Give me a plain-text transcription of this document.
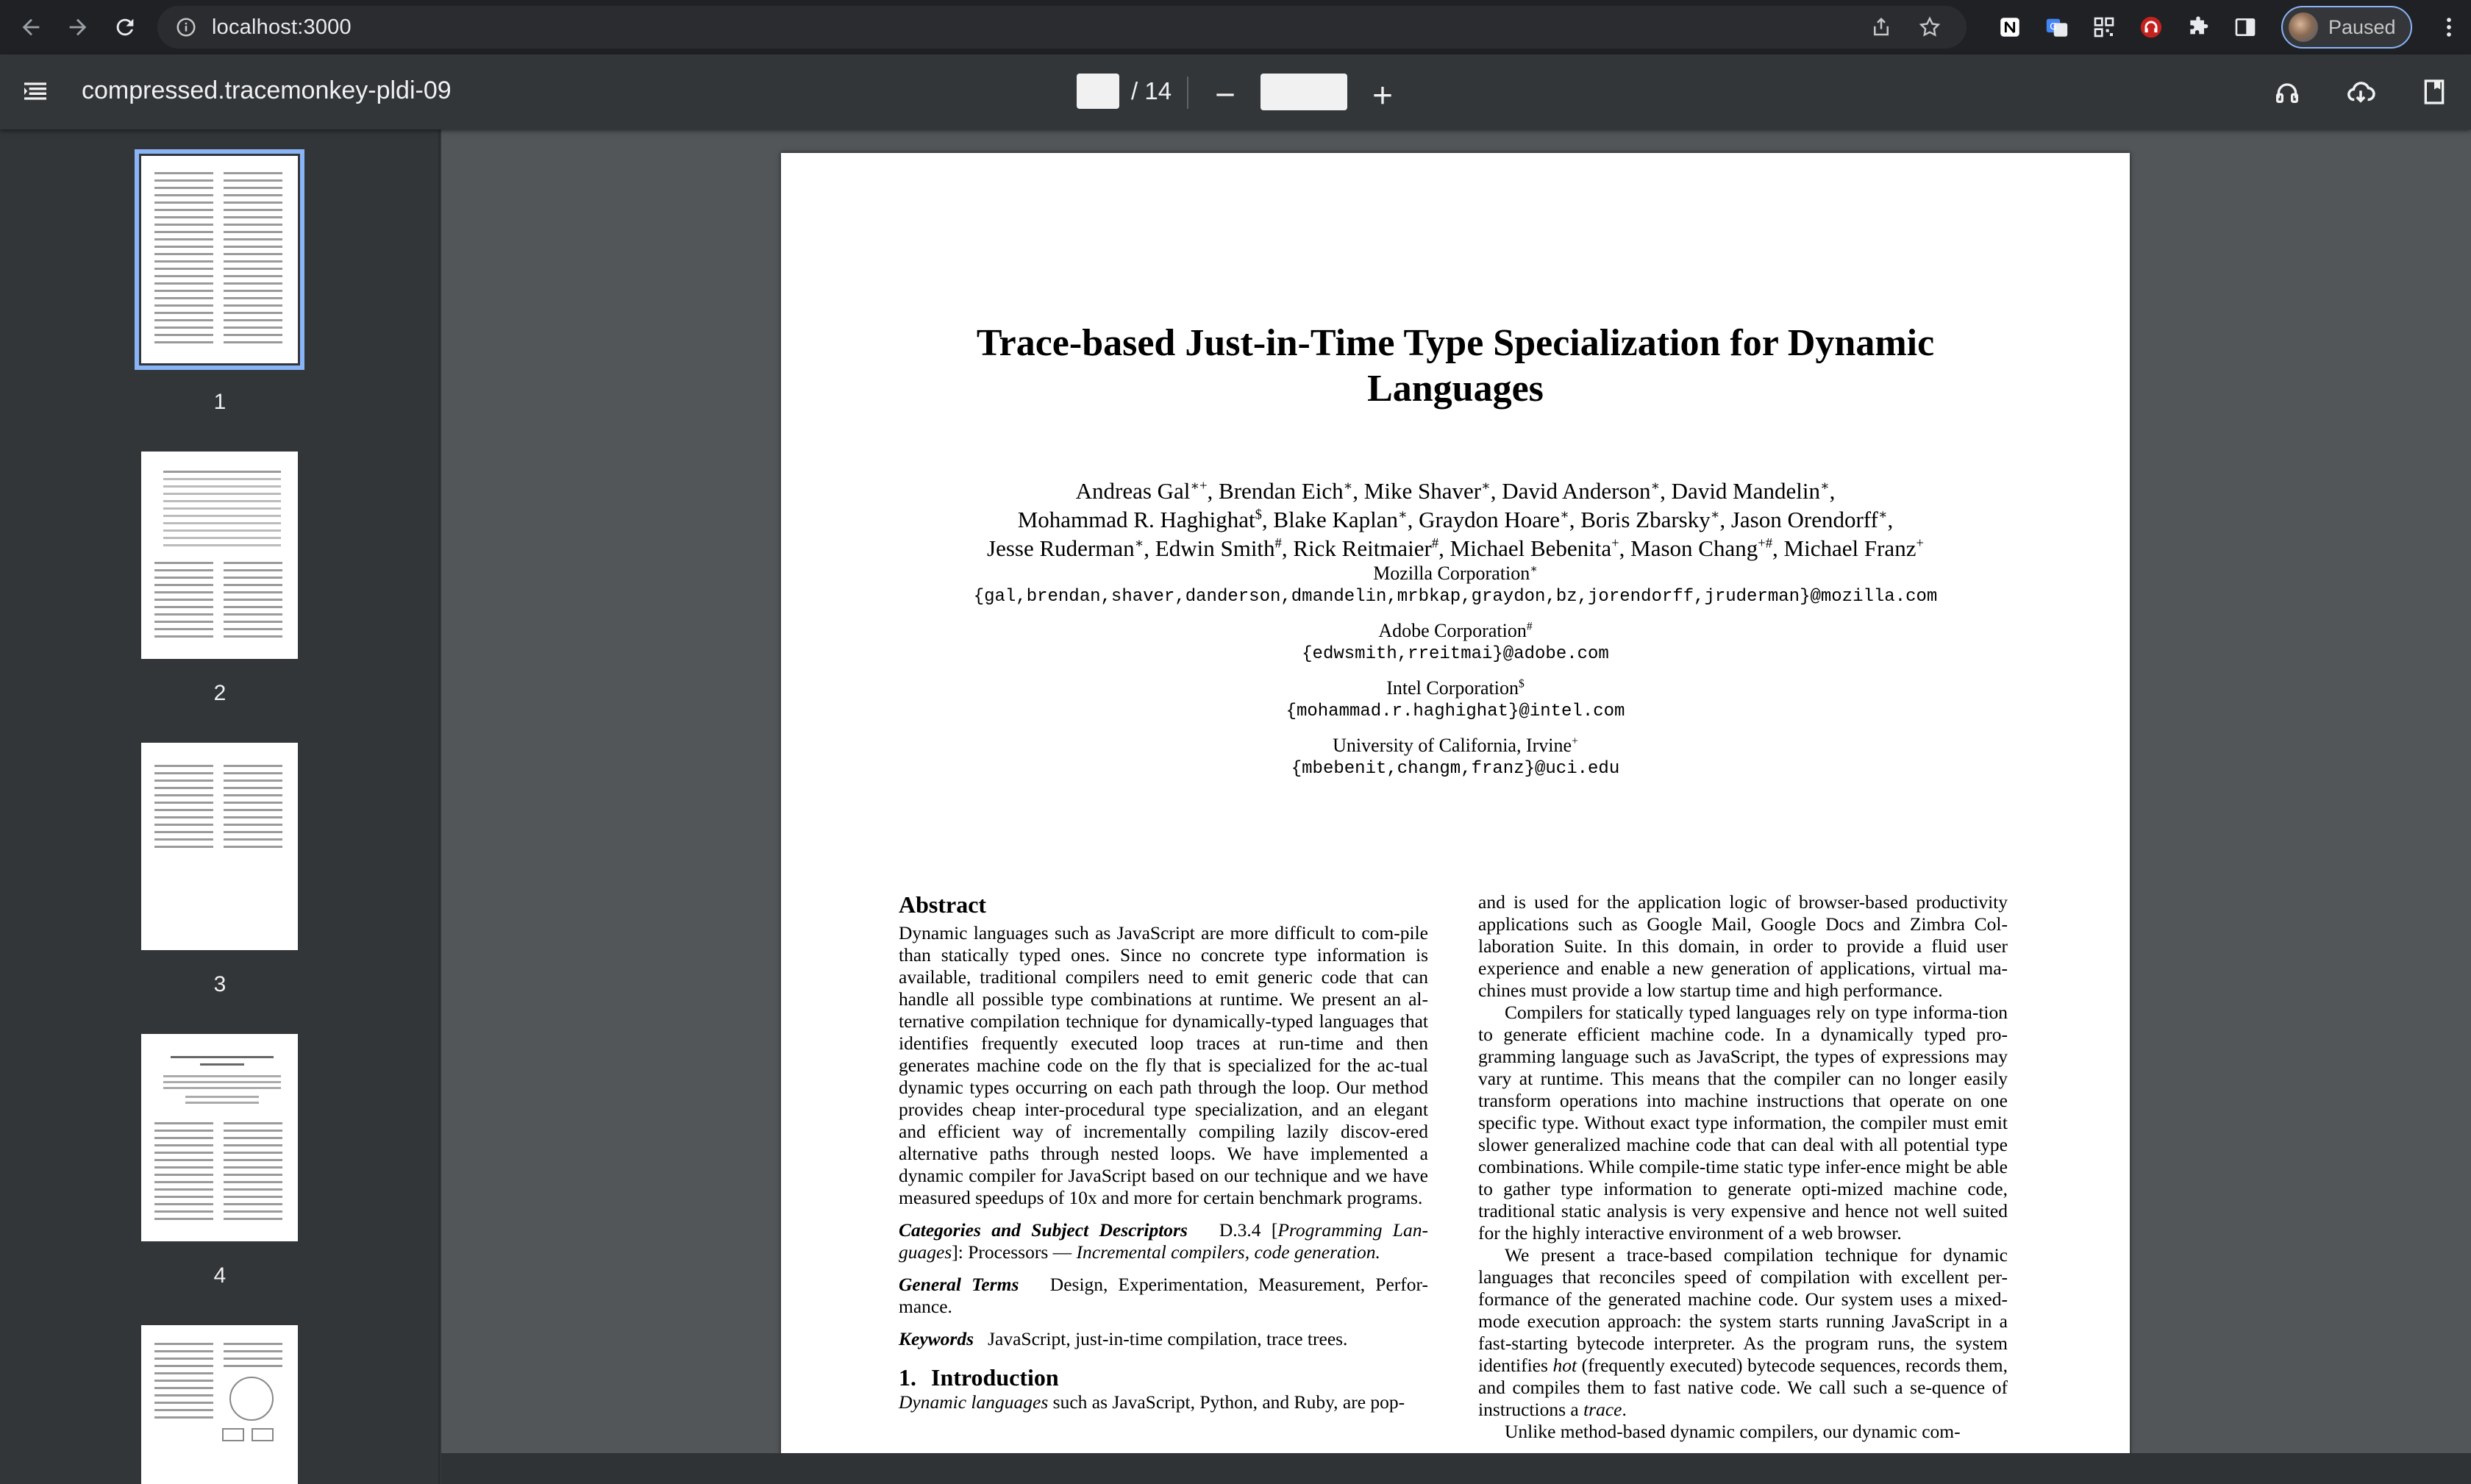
localhost:3000	G	Paused
compressed.tracemonkey-pldi-09	/ 14
1
2
3
4
Trace-based Just-in-Time Type Specialization for Dynamic
Languages
Andreas Gal∗+, Brendan Eich∗, Mike Shaver∗, David Anderson∗, David Mandelin∗,
Mohammad R. Haghighat$, Blake Kaplan∗, Graydon Hoare∗, Boris Zbarsky∗, Jason Orendorff∗,
Jesse Ruderman∗, Edwin Smith#, Rick Reitmaier#, Michael Bebenita+, Mason Chang+#, Michael Franz+
Mozilla Corporation∗
{gal,brendan,shaver,danderson,dmandelin,mrbkap,graydon,bz,jorendorff,jruderman}@mozilla.com
Adobe Corporation#
{edwsmith,rreitmai}@adobe.com
Intel Corporation$
{mohammad.r.haghighat}@intel.com
University of California, Irvine+
{mbebenit,changm,franz}@uci.edu
Abstract
Dynamic languages such as JavaScript are more difficult to com-pile than statically typed ones. Since no concrete type information is available, traditional compilers need to emit generic code that can handle all possible type combinations at runtime. We present an al-ternative compilation technique for dynamically-typed languages that identifies frequently executed loop traces at run-time and then generates machine code on the fly that is specialized for the ac-tual dynamic types occurring on each path through the loop. Our method provides cheap inter-procedural type specialization, and an elegant and efficient way of incrementally compiling lazily discov-ered alternative paths through nested loops. We have implemented a dynamic compiler for JavaScript based on our technique and we have measured speedups of 10x and more for certain benchmark programs.
Categories and Subject Descriptors D.3.4 [Programming Lan-guages]: Processors — Incremental compilers, code generation.
General Terms Design, Experimentation, Measurement, Perfor-mance.
Keywords JavaScript, just-in-time compilation, trace trees.
1. Introduction
Dynamic languages such as JavaScript, Python, and Ruby, are pop-
and is used for the application logic of browser-based productivity applications such as Google Mail, Google Docs and Zimbra Col-laboration Suite. In this domain, in order to provide a fluid user experience and enable a new generation of applications, virtual ma-chines must provide a low startup time and high performance.
Compilers for statically typed languages rely on type informa-tion to generate efficient machine code. In a dynamically typed pro-gramming language such as JavaScript, the types of expressions may vary at runtime. This means that the compiler can no longer easily transform operations into machine instructions that operate on one specific type. Without exact type information, the compiler must emit slower generalized machine code that can deal with all potential type combinations. While compile-time static type infer-ence might be able to gather type information to generate opti-mized machine code, traditional static analysis is very expensive and hence not well suited for the highly interactive environment of a web browser.
We present a trace-based compilation technique for dynamic languages that reconciles speed of compilation with excellent per-formance of the generated machine code. Our system uses a mixed-mode execution approach: the system starts running JavaScript in a fast-starting bytecode interpreter. As the program runs, the system identifies hot (frequently executed) bytecode sequences, records them, and compiles them to fast native code. We call such a se-quence of instructions a trace.
Unlike method-based dynamic compilers, our dynamic com-
